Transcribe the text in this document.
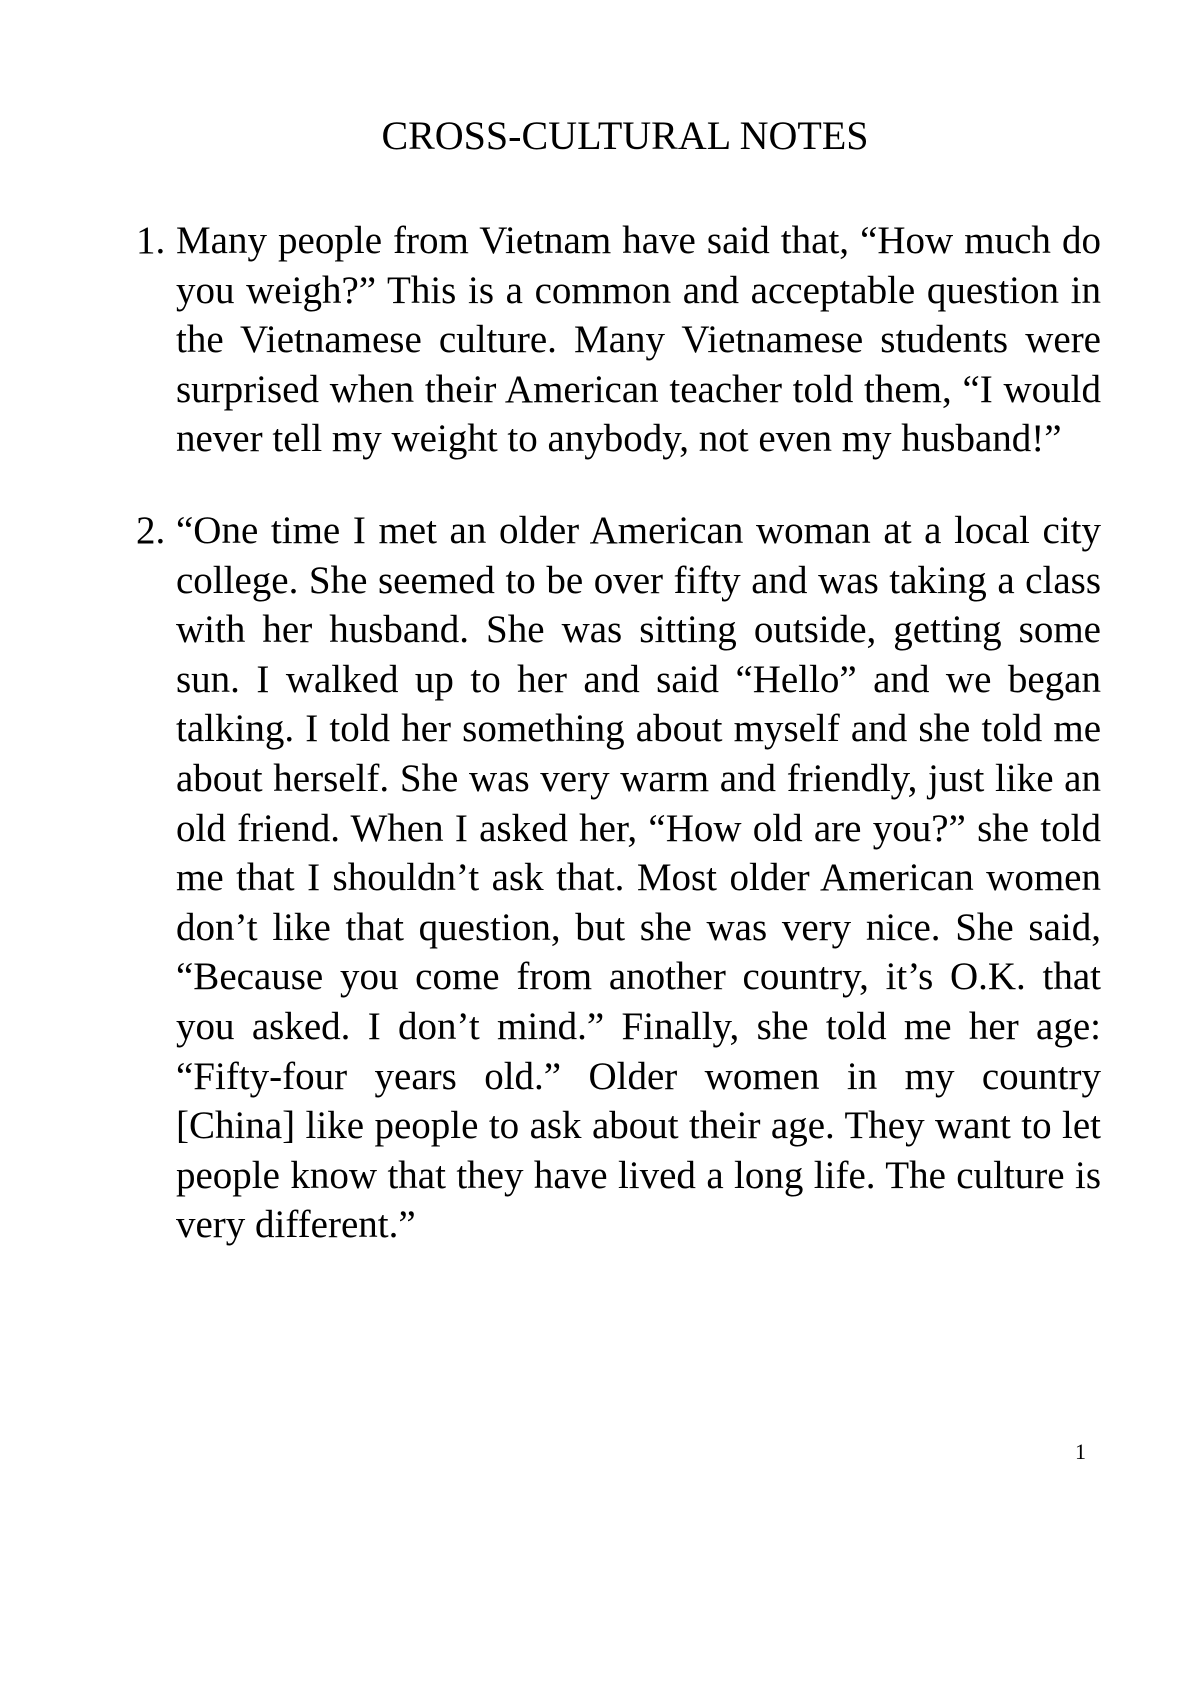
CROSS-CULTURAL NOTES
1. Many people from Vietnam have said that, “How much do you weigh?” This is a common and acceptable question in the Vietnamese culture. Many Vietnamese students were surprised when their American teacher told them, “I would never tell my weight to anybody, not even my husband!”
2. “One time I met an older American woman at a local city college. She seemed to be over fifty and was taking a class with her husband. She was sitting outside, getting some sun. I walked up to her and said “Hello” and we began talking. I told her something about myself and she told me about herself. She was very warm and friendly, just like an old friend. When I asked her, “How old are you?” she told me that I shouldn’t ask that. Most older American women don’t like that question, but she was very nice. She said, “Because you come from another country, it’s O.K. that you asked. I don’t mind.” Finally, she told me her age: “Fifty-four years old.” Older women in my country [China] like people to ask about their age. They want to let people know that they have lived a long life. The culture is very different.”
1
